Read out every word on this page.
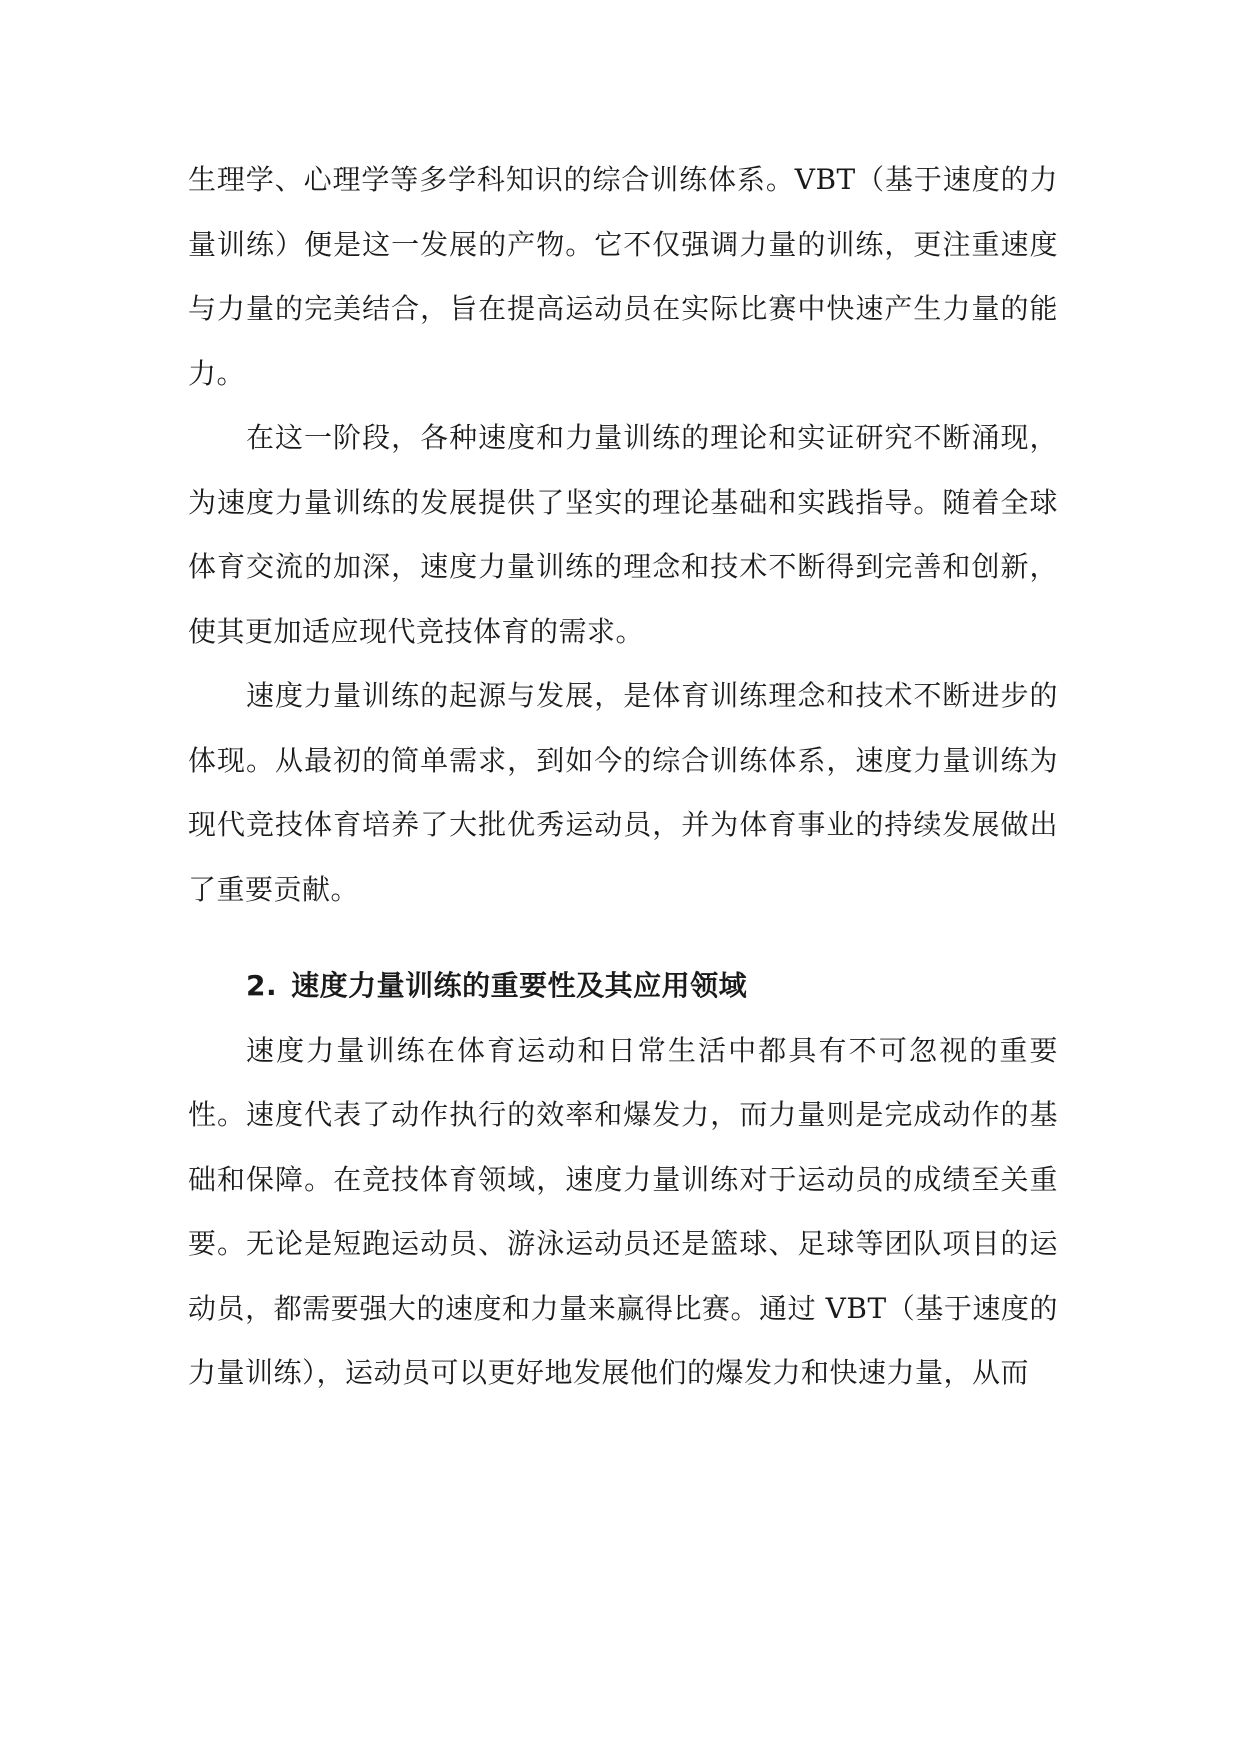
生理学、心理学等多学科知识的综合训练体系。VBT（基于速度的力量训练）便是这一发展的产物。它不仅强调力量的训练，更注重速度与力量的完美结合，旨在提高运动员在实际比赛中快速产生力量的能力。

在这一阶段，各种速度和力量训练的理论和实证研究不断涌现，为速度力量训练的发展提供了坚实的理论基础和实践指导。随着全球体育交流的加深，速度力量训练的理念和技术不断得到完善和创新，使其更加适应现代竞技体育的需求。

速度力量训练的起源与发展，是体育训练理念和技术不断进步的体现。从最初的简单需求，到如今的综合训练体系，速度力量训练为现代竞技体育培养了大批优秀运动员，并为体育事业的持续发展做出了重要贡献。

2. 速度力量训练的重要性及其应用领域

速度力量训练在体育运动和日常生活中都具有不可忽视的重要性。速度代表了动作执行的效率和爆发力，而力量则是完成动作的基础和保障。在竞技体育领域，速度力量训练对于运动员的成绩至关重要。无论是短跑运动员、游泳运动员还是篮球、足球等团队项目的运动员，都需要强大的速度和力量来赢得比赛。通过 VBT（基于速度的力量训练），运动员可以更好地发展他们的爆发力和快速力量，从而
